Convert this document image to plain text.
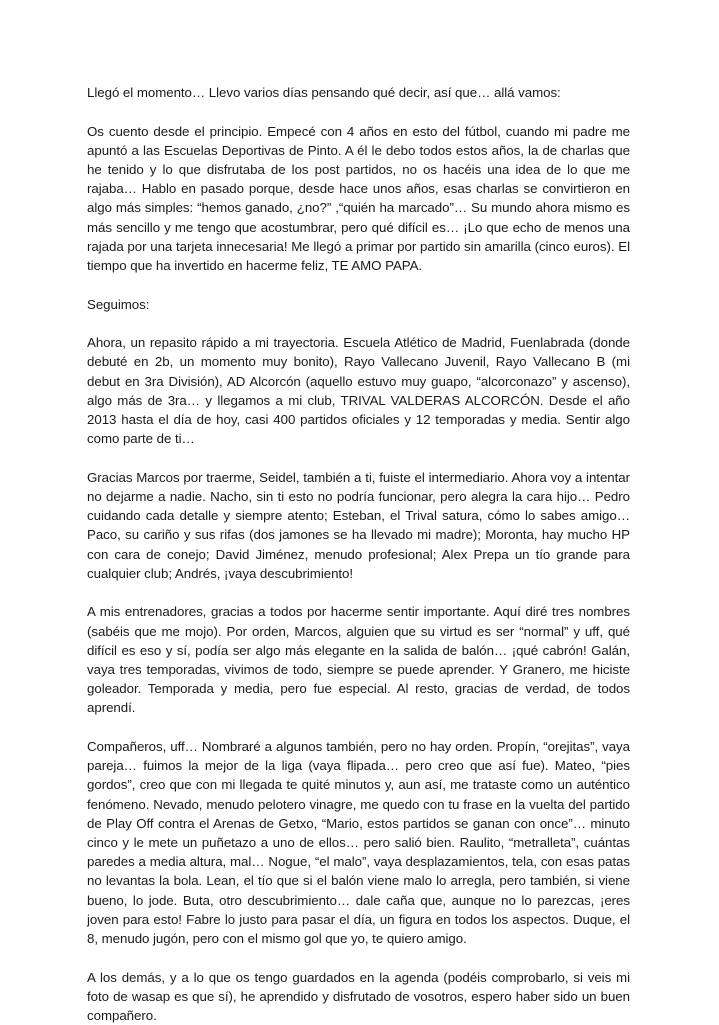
Llegó el momento… Llevo varios días pensando qué decir, así que… allá vamos:

Os cuento desde el principio. Empecé con 4 años en esto del fútbol, cuando mi padre me apuntó a las Escuelas Deportivas de Pinto. A él le debo todos estos años, la de charlas que he tenido y lo que disfrutaba de los post partidos, no os hacéis una idea de lo que me rajaba… Hablo en pasado porque, desde hace unos años, esas charlas se convirtieron en algo más simples: “hemos ganado, ¿no?” ,“quién ha marcado”… Su mundo ahora mismo es más sencillo y me tengo que acostumbrar, pero qué difícil es… ¡Lo que echo de menos una rajada por una tarjeta innecesaria! Me llegó a primar por partido sin amarilla (cinco euros). El tiempo que ha invertido en hacerme feliz, TE AMO PAPA.

Seguimos:

Ahora, un repasito rápido a mi trayectoria. Escuela Atlético de Madrid, Fuenlabrada (donde debuté en 2b, un momento muy bonito), Rayo Vallecano Juvenil, Rayo Vallecano B (mi debut en 3ra División), AD Alcorcón (aquello estuvo muy guapo, “alcorconazo” y ascenso), algo más de 3ra… y llegamos a mi club, TRIVAL VALDERAS ALCORCÓN. Desde el año 2013 hasta el día de hoy, casi 400 partidos oficiales y 12 temporadas y media. Sentir algo como parte de ti…

Gracias Marcos por traerme, Seidel, también a ti, fuiste el intermediario. Ahora voy a intentar no dejarme a nadie. Nacho, sin ti esto no podría funcionar, pero alegra la cara hijo… Pedro cuidando cada detalle y siempre atento; Esteban, el Trival satura, cómo lo sabes amigo… Paco, su cariño y sus rifas (dos jamones se ha llevado mi madre); Moronta, hay mucho HP con cara de conejo; David Jiménez, menudo profesional; Alex Prepa un tío grande para cualquier club; Andrés, ¡vaya descubrimiento!

A mis entrenadores, gracias a todos por hacerme sentir importante. Aquí diré tres nombres (sabéis que me mojo). Por orden, Marcos, alguien que su virtud es ser “normal” y uff, qué difícil es eso y sí, podía ser algo más elegante en la salida de balón… ¡qué cabrón! Galán, vaya tres temporadas, vivimos de todo, siempre se puede aprender. Y Granero, me hiciste goleador. Temporada y media, pero fue especial. Al resto, gracias de verdad, de todos aprendí.

Compañeros, uff… Nombraré a algunos también, pero no hay orden. Propín, “orejitas”, vaya pareja… fuimos la mejor de la liga (vaya flipada… pero creo que así fue). Mateo, “pies gordos”, creo que con mi llegada te quité minutos y, aun así, me trataste como un auténtico fenómeno. Nevado, menudo pelotero vinagre, me quedo con tu frase en la vuelta del partido de Play Off contra el Arenas de Getxo, “Mario, estos partidos se ganan con once”… minuto cinco y le mete un puñetazo a uno de ellos… pero salió bien. Raulito, “metralleta”, cuántas paredes a media altura, mal… Nogue, “el malo”, vaya desplazamientos, tela, con esas patas no levantas la bola. Lean, el tío que si el balón viene malo lo arregla, pero también, si viene bueno, lo jode. Buta, otro descubrimiento… dale caña que, aunque no lo parezcas, ¡eres joven para esto! Fabre lo justo para pasar el día, un figura en todos los aspectos. Duque, el 8, menudo jugón, pero con el mismo gol que yo, te quiero amigo.

A los demás, y a lo que os tengo guardados en la agenda (podéis comprobarlo, si veis mi foto de wasap es que sí), he aprendido y disfrutado de vosotros, espero haber sido un buen compañero.
